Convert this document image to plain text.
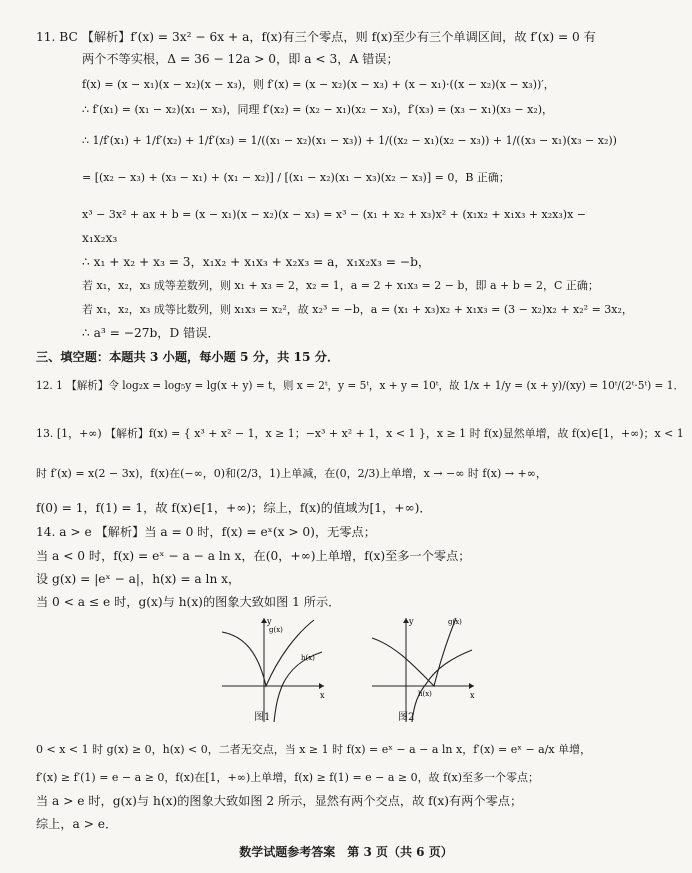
11. BC 【解析】f′(x) = 3x² − 6x + a，f(x)有三个零点，则 f(x)至少有三个单调区间，故 f′(x) = 0 有
两个不等实根，Δ = 36 − 12a > 0，即 a < 3，A 错误；
f(x) = (x − x₁)(x − x₂)(x − x₃)，则 f′(x) = (x − x₂)(x − x₃) + (x − x₁)·((x − x₂)(x − x₃))′，
∴ f′(x₁) = (x₁ − x₂)(x₁ − x₃)，同理 f′(x₂) = (x₂ − x₁)(x₂ − x₃)，f′(x₃) = (x₃ − x₁)(x₃ − x₂)，
∴ 1/f′(x₁) + 1/f′(x₂) + 1/f′(x₃) = 1/((x₁ − x₂)(x₁ − x₃)) + 1/((x₂ − x₁)(x₂ − x₃)) + 1/((x₃ − x₁)(x₃ − x₂))
= [(x₂ − x₃) + (x₃ − x₁) + (x₁ − x₂)] / [(x₁ − x₂)(x₁ − x₃)(x₂ − x₃)] = 0，B 正确；
x³ − 3x² + ax + b = (x − x₁)(x − x₂)(x − x₃) = x³ − (x₁ + x₂ + x₃)x² + (x₁x₂ + x₁x₃ + x₂x₃)x −
x₁x₂x₃
∴ x₁ + x₂ + x₃ = 3，x₁x₂ + x₁x₃ + x₂x₃ = a，x₁x₂x₃ = −b，
若 x₁，x₂，x₃ 成等差数列，则 x₁ + x₃ = 2，x₂ = 1，a = 2 + x₁x₃ = 2 − b，即 a + b = 2，C 正确；
若 x₁，x₂，x₃ 成等比数列，则 x₁x₃ = x₂²，故 x₂³ = −b，a = (x₁ + x₃)x₂ + x₁x₃ = (3 − x₂)x₂ + x₂² = 3x₂，
∴ a³ = −27b，D 错误．
三、填空题：本题共 3 小题，每小题 5 分，共 15 分．
12. 1 【解析】令 log₂x = log₅y = lg(x + y) = t，则 x = 2ᵗ，y = 5ᵗ，x + y = 10ᵗ，故 1/x + 1/y = (x + y)/(xy) = 10ᵗ/(2ᵗ·5ᵗ) = 1．
13. [1，+∞) 【解析】f(x) = { x³ + x² − 1，x ≥ 1；−x³ + x² + 1，x < 1 }，x ≥ 1 时 f(x)显然单增，故 f(x)∈[1，+∞)；x < 1
时 f′(x) = x(2 − 3x)，f(x)在(−∞，0)和(2/3，1)上单减，在(0，2/3)上单增，x → −∞ 时 f(x) → +∞，
f(0) = 1，f(1) = 1，故 f(x)∈[1，+∞)；综上，f(x)的值域为[1，+∞)．
14. a > e 【解析】当 a = 0 时，f(x) = eˣ(x > 0)，无零点；
当 a < 0 时，f(x) = eˣ − a − a ln x，在(0，+∞)上单增，f(x)至多一个零点；
设 g(x) = |eˣ − a|，h(x) = a ln x，
当 0 < a ≤ e 时，g(x)与 h(x)的图象大致如图 1 所示．
y
x
g(x)
h(x)
图1
y
x
g(x)
h(x)
图2
0 < x < 1 时 g(x) ≥ 0，h(x) < 0，二者无交点，当 x ≥ 1 时 f(x) = eˣ − a − a ln x，f′(x) = eˣ − a/x 单增，
f′(x) ≥ f′(1) = e − a ≥ 0，f(x)在[1，+∞)上单增，f(x) ≥ f(1) = e − a ≥ 0，故 f(x)至多一个零点；
当 a > e 时，g(x)与 h(x)的图象大致如图 2 所示，显然有两个交点，故 f(x)有两个零点；
综上，a > e．
数学试题参考答案　第 3 页（共 6 页）
